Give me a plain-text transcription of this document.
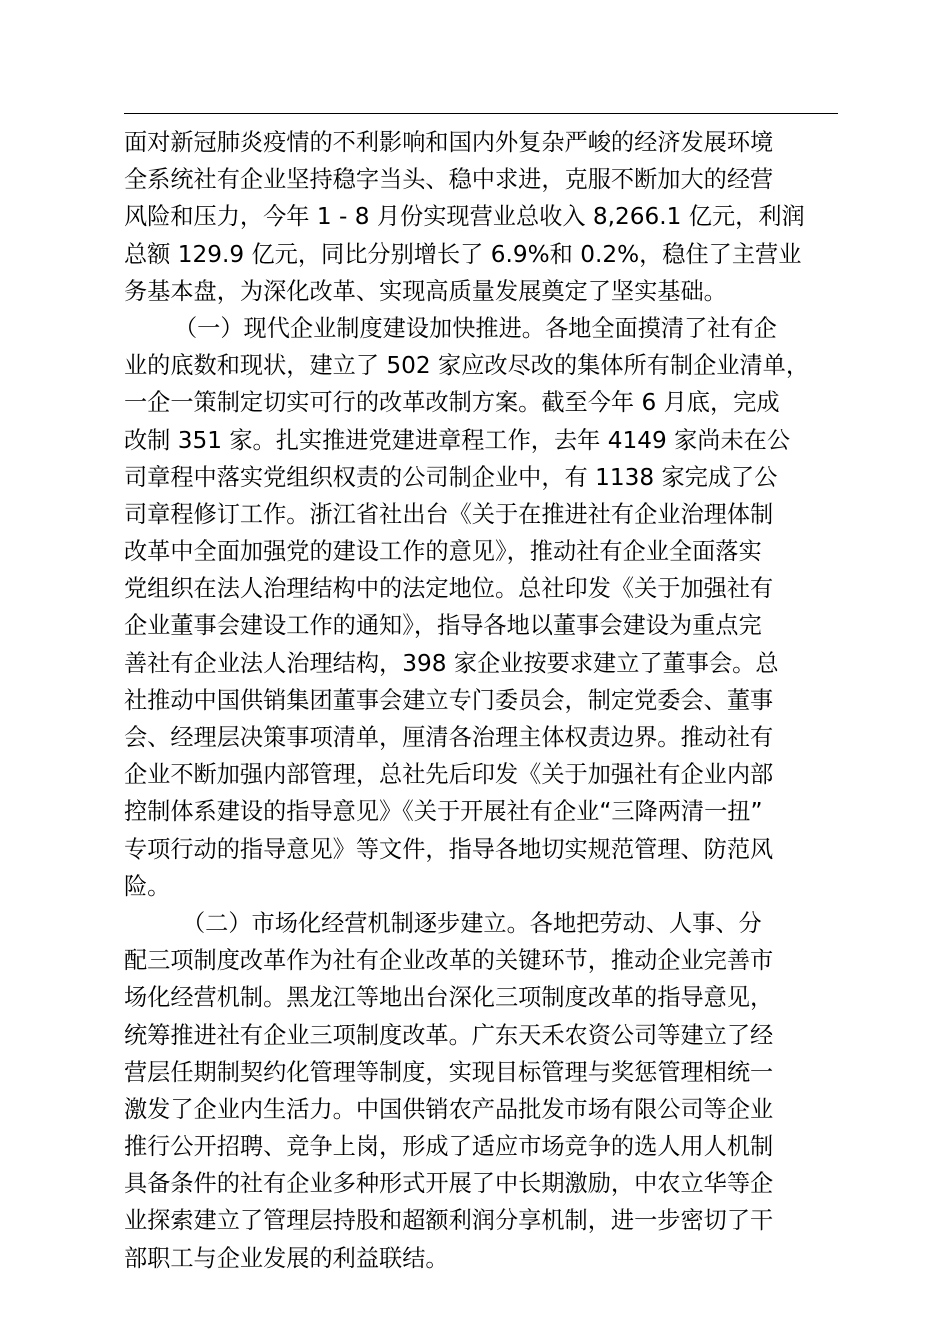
面对新冠肺炎疫情的不利影响和国内外复杂严峻的经济发展环境
全系统社有企业坚持稳字当头、稳中求进，克服不断加大的经营
风险和压力，今年 1 - 8 月份实现营业总收入 8,266.1 亿元，利润
总额 129.9 亿元，同比分别增长了 6.9%和 0.2%，稳住了主营业
务基本盘，为深化改革、实现高质量发展奠定了坚实基础。
（一）现代企业制度建设加快推进。各地全面摸清了社有企
业的底数和现状，建立了 502 家应改尽改的集体所有制企业清单，
一企一策制定切实可行的改革改制方案。截至今年 6 月底，完成
改制 351 家。扎实推进党建进章程工作，去年 4149 家尚未在公
司章程中落实党组织权责的公司制企业中，有 1138 家完成了公
司章程修订工作。浙江省社出台《关于在推进社有企业治理体制
改革中全面加强党的建设工作的意见》，推动社有企业全面落实
党组织在法人治理结构中的法定地位。总社印发《关于加强社有
企业董事会建设工作的通知》，指导各地以董事会建设为重点完
善社有企业法人治理结构，398 家企业按要求建立了董事会。总
社推动中国供销集团董事会建立专门委员会，制定党委会、董事
会、经理层决策事项清单，厘清各治理主体权责边界。推动社有
企业不断加强内部管理，总社先后印发《关于加强社有企业内部
控制体系建设的指导意见》《关于开展社有企业“三降两清一扭”
专项行动的指导意见》等文件，指导各地切实规范管理、防范风
险。
（二）市场化经营机制逐步建立。各地把劳动、人事、分
配三项制度改革作为社有企业改革的关键环节，推动企业完善市
场化经营机制。黑龙江等地出台深化三项制度改革的指导意见，
统筹推进社有企业三项制度改革。广东天禾农资公司等建立了经
营层任期制契约化管理等制度，实现目标管理与奖惩管理相统一
激发了企业内生活力。中国供销农产品批发市场有限公司等企业
推行公开招聘、竞争上岗，形成了适应市场竞争的选人用人机制
具备条件的社有企业多种形式开展了中长期激励，中农立华等企
业探索建立了管理层持股和超额利润分享机制，进一步密切了干
部职工与企业发展的利益联结。
